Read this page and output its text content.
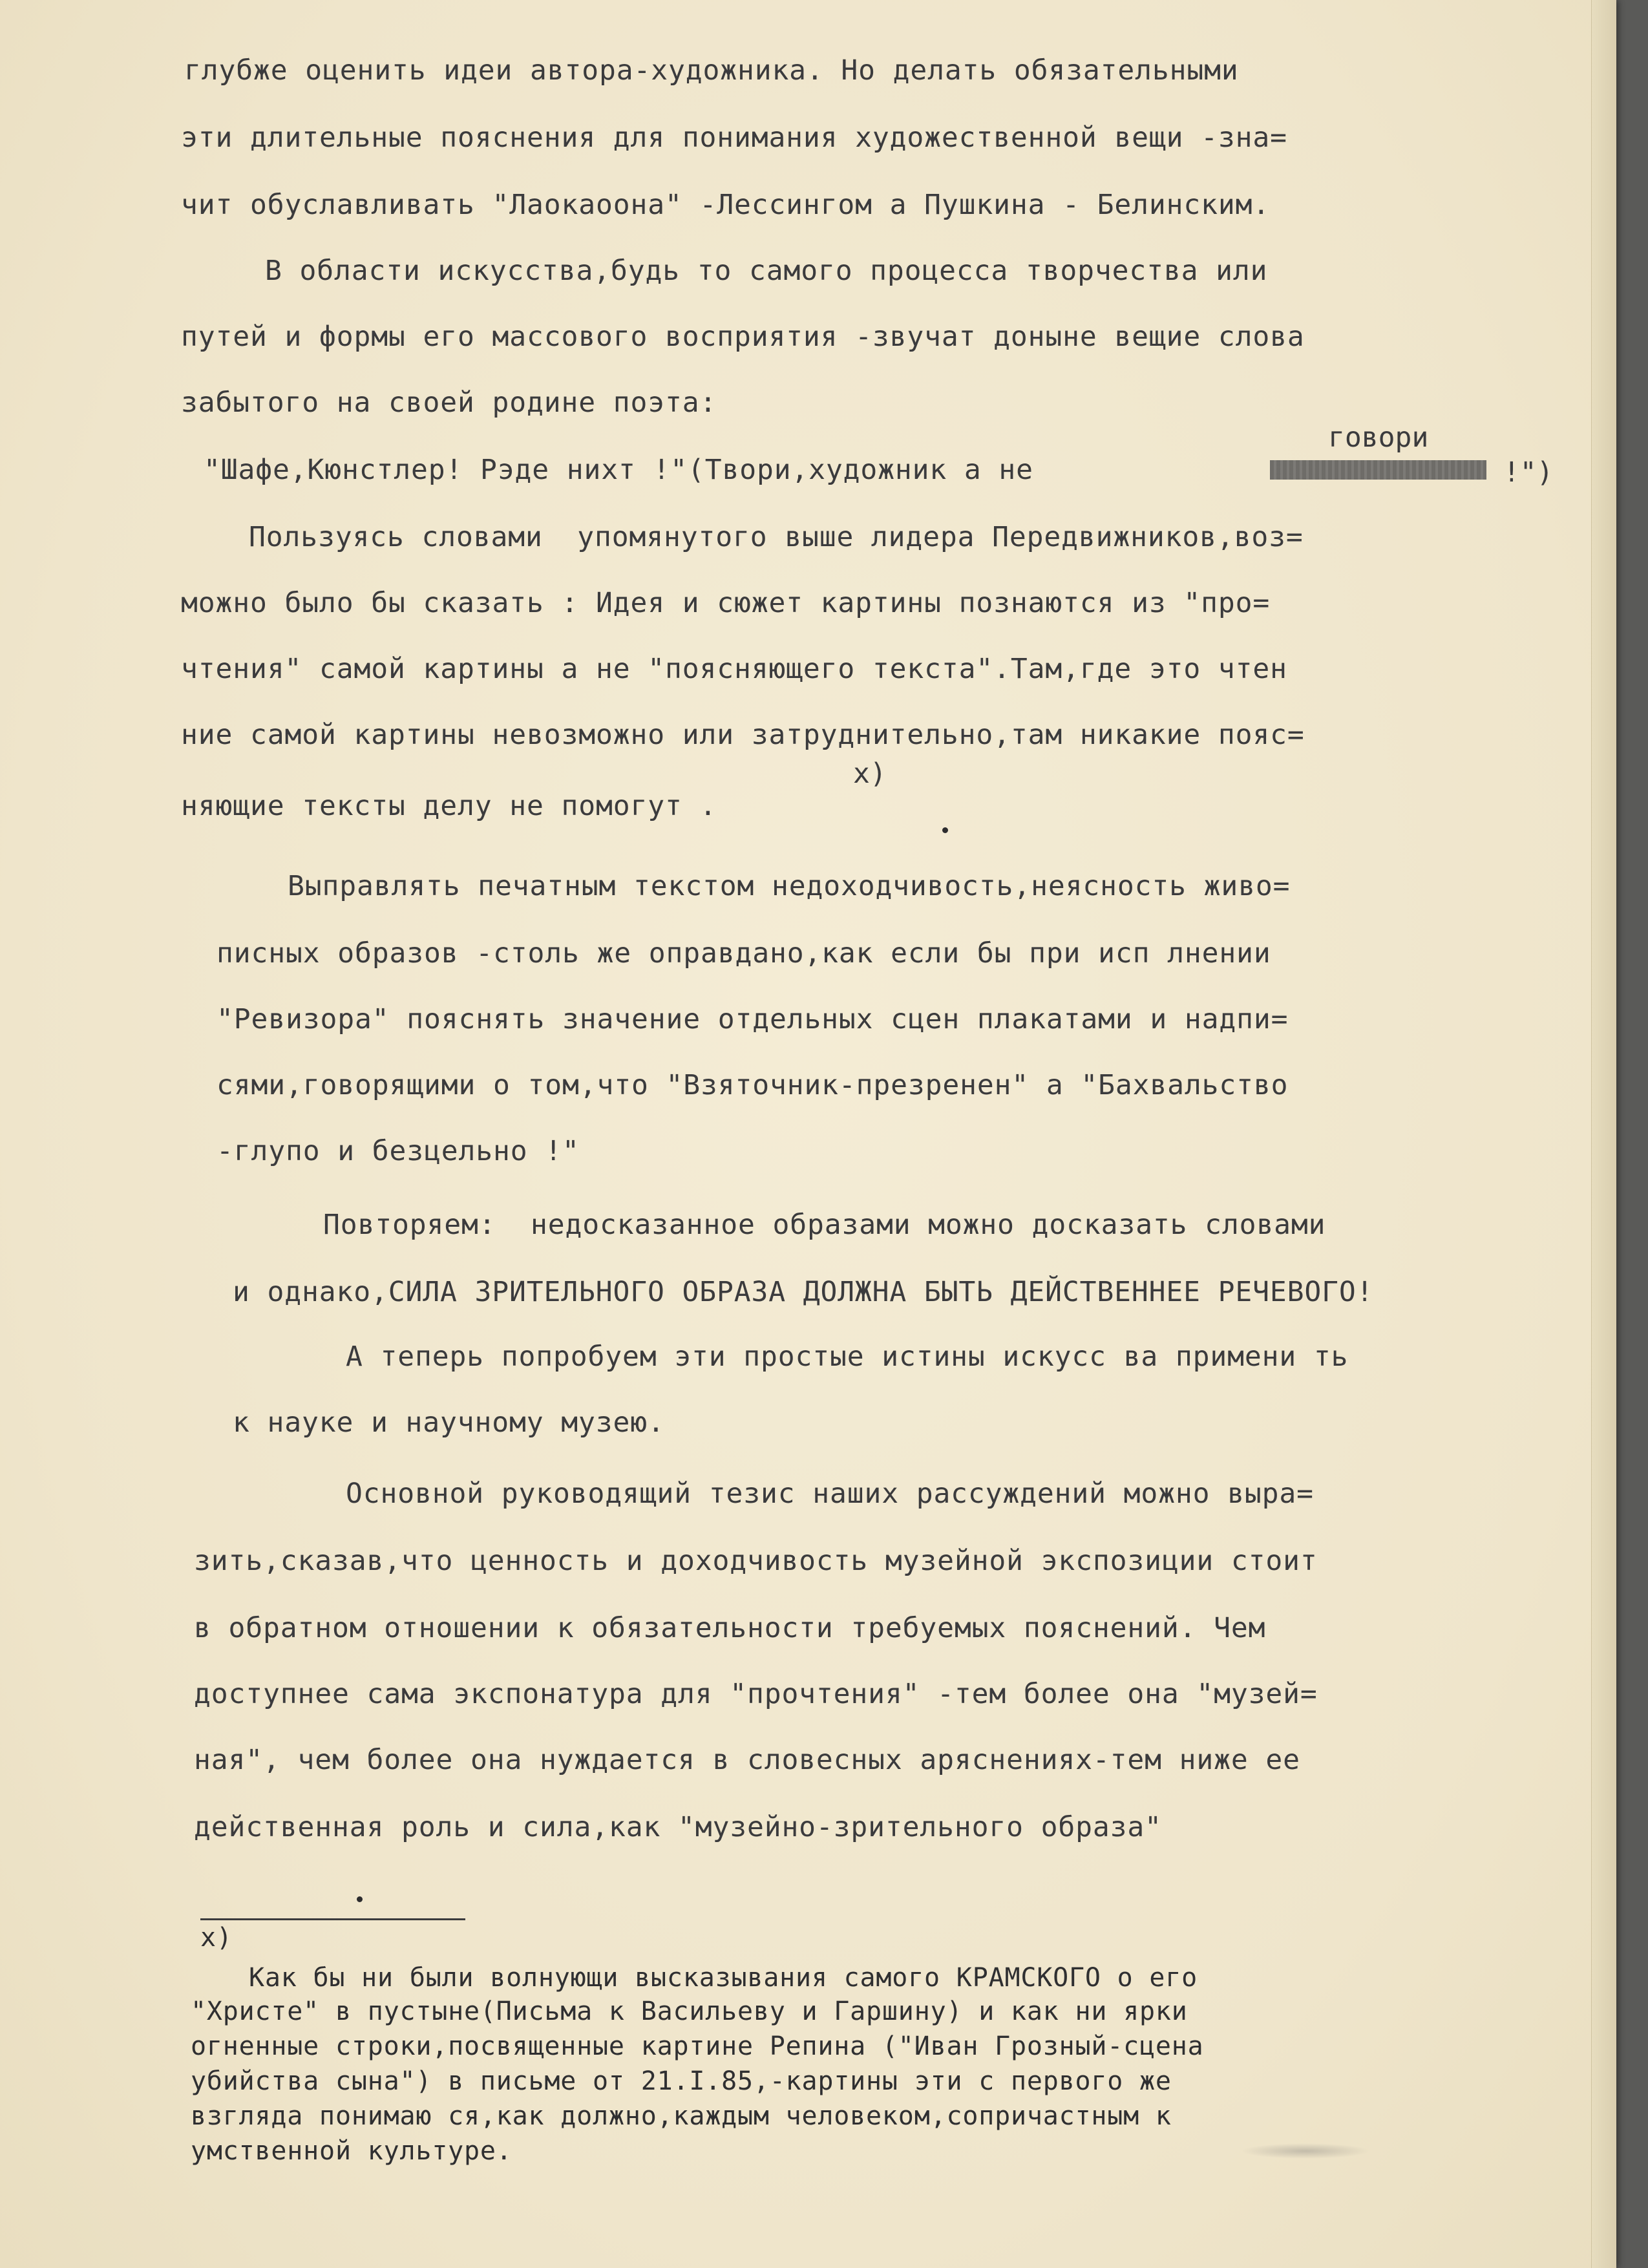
глубже оценить идеи автора-художника. Но делать обязательными

эти длительные пояснения для понимания художественной вещи -зна=

чит обуславливать "Лаокаоона" -Лессингом а Пушкина - Белинским.

В области искусства,будь то самого процесса творчества или

путей и формы его массового восприятия -звучат доныне вещие слова

забытого на своей родине поэта:

говори

"Шафе,Кюнстлер! Рэде нихт !"(Твори,художник а не	!")

Пользуясь словами  упомянутого выше лидера Передвижников,воз=

можно было бы сказать : Идея и сюжет картины познаются из "про=

чтения" самой картины а не "поясняющего текста".Там,где это чтен

ние самой картины невозможно или затруднительно,там никакие пояс=

х)

няющие тексты делу не помогут .

Выправлять печатным текстом недоходчивость,неясность живо=

писных образов -столь же оправдано,как если бы при исп лнении

"Ревизора" пояснять значение отдельных сцен плакатами и надпи=

сями,говорящими о том,что "Взяточник-презренен" а "Бахвальство

-глупо и безцельно !"

Повторяем:  недосказанное образами можно досказать словами

и однако,СИЛА ЗРИТЕЛЬНОГО ОБРАЗА ДОЛЖНА БЫТЬ ДЕЙСТВЕННЕЕ РЕЧЕВОГО!

А теперь попробуем эти простые истины искусс ва примени ть

к науке и научному музею.

Основной руководящий тезис наших рассуждений можно выра=

зить,сказав,что ценность и доходчивость музейной экспозиции стоит

в обратном отношении к обязательности требуемых пояснений. Чем

доступнее сама экспонатура для "прочтения" -тем более она "музей=

ная", чем более она нуждается в словесных аряснениях-тем ниже ее

действенная роль и сила,как "музейно-зрительного образа"

х)

Как бы ни были волнующи высказывания самого КРАМСКОГО о его

"Христе" в пустыне(Письма к Васильеву и Гаршину) и как ни ярки

огненные строки,посвященные картине Репина ("Иван Грозный-сцена

убийства сына") в письме от 21.I.85,-картины эти с первого же

взгляда понимаю ся,как должно,каждым человеком,сопричастным к

умственной культуре.
